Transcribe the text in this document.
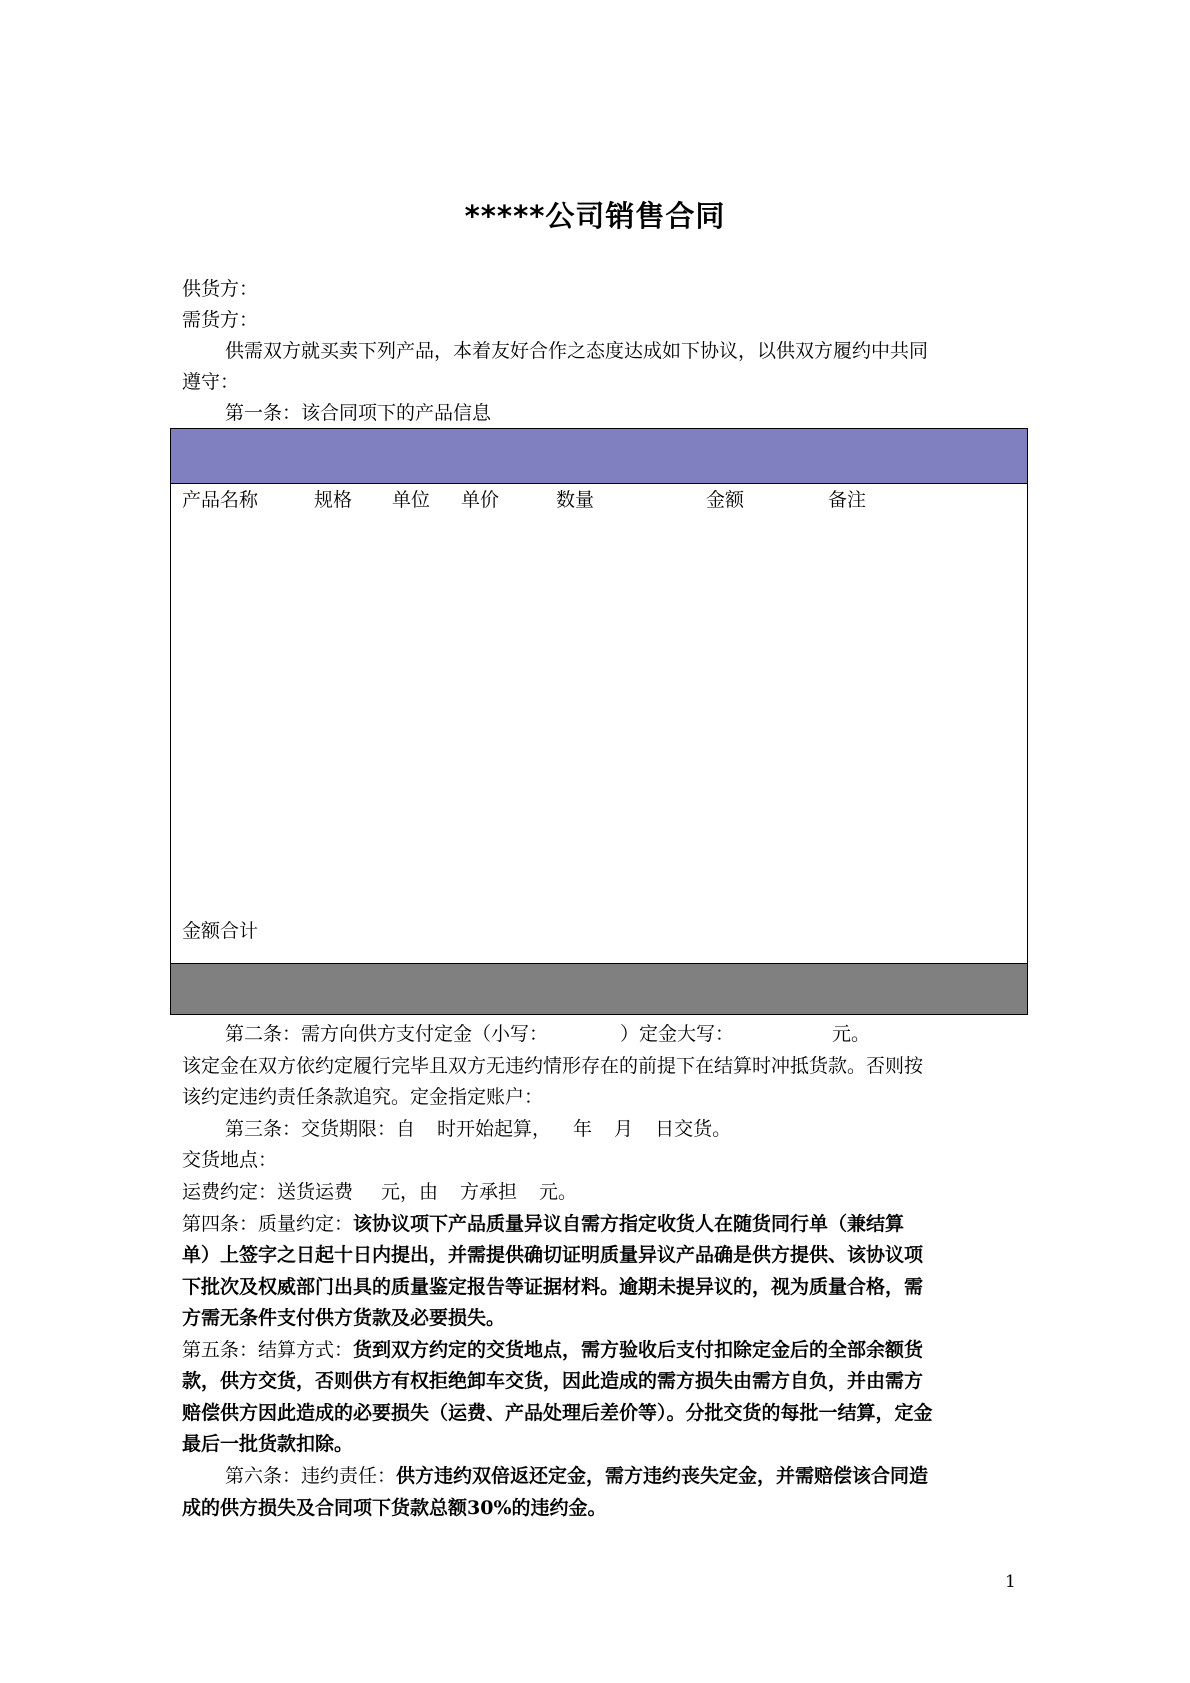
*****公司销售合同
供货方：
需货方：
供需双方就买卖下列产品，本着友好合作之态度达成如下协议，以供双方履约中共同
遵守：
第一条：该合同项下的产品信息
产品名称	规格 单位 单价	数量	金额	备注
金额合计
第二条：需方向供方支付定金（小写：	）定金大写：	元。
该定金在双方依约定履行完毕且双方无违约情形存在的前提下在结算时冲抵货款。否则按
该约定违约责任条款追究。定金指定账户：
第三条：交货期限：自 时开始起算， 年 月 日交货。
交货地点：
运费约定：送货运费 元，由 方承担 元。
第四条：质量约定：该协议项下产品质量异议自需方指定收货人在随货同行单（兼结算
单）上签字之日起十日内提出，并需提供确切证明质量异议产品确是供方提供、该协议项
下批次及权威部门出具的质量鉴定报告等证据材料。逾期未提异议的，视为质量合格，需
方需无条件支付供方货款及必要损失。
第五条：结算方式：货到双方约定的交货地点，需方验收后支付扣除定金后的全部余额货
款，供方交货，否则供方有权拒绝卸车交货，因此造成的需方损失由需方自负，并由需方
赔偿供方因此造成的必要损失（运费、产品处理后差价等）。分批交货的每批一结算，定金
最后一批货款扣除。
第六条：违约责任：供方违约双倍返还定金，需方违约丧失定金，并需赔偿该合同造
成的供方损失及合同项下货款总额30%的违约金。
1
